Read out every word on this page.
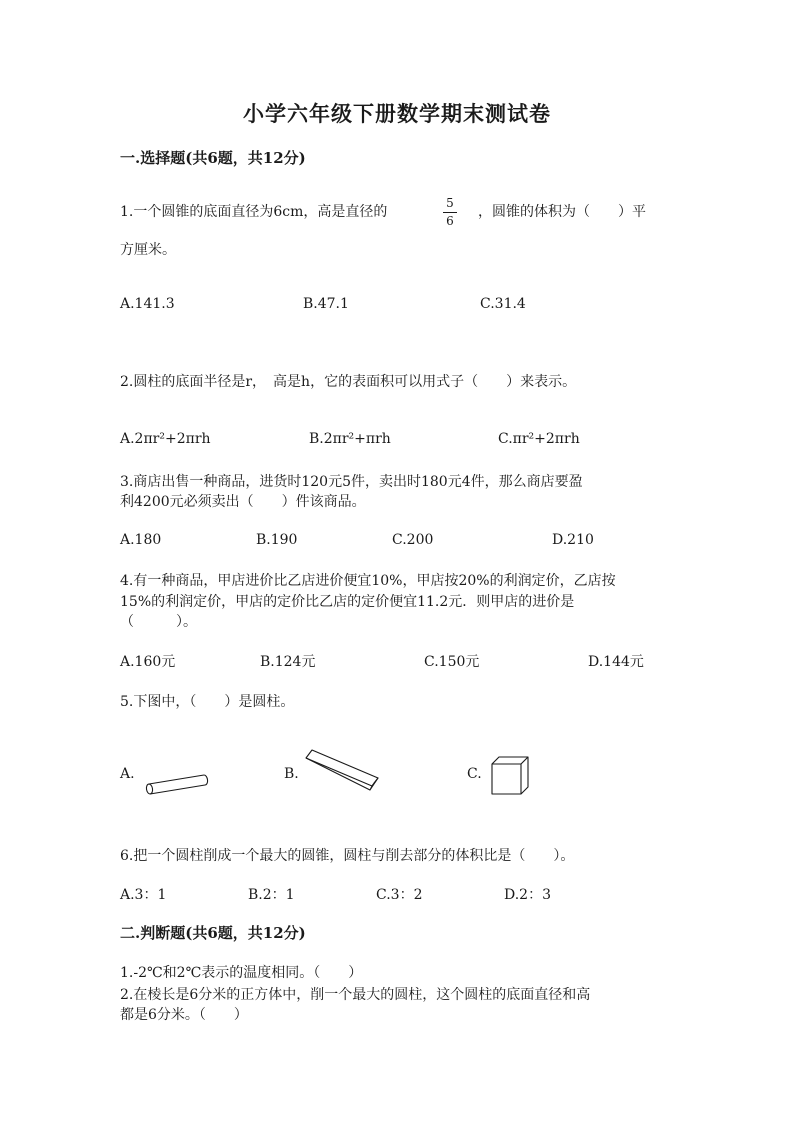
小学六年级下册数学期末测试卷
一.选择题(共6题，共12分)
1.一个圆锥的底面直径为6cm，高是直径的
5
6
，圆锥的体积为（　　）平
方厘米。
A.141.3	B.47.1	C.31.4
2.圆柱的底面半径是r，　高是h，它的表面积可以用式子（　　）来表示。
A.2πr²+2πrh	B.2πr²+πrh	C.πr²+2πrh
3.商店出售一种商品，进货时120元5件，卖出时180元4件，那么商店要盈
利4200元必须卖出（　　）件该商品。
A.180	B.190	C.200	D.210
4.有一种商品，甲店进价比乙店进价便宜10%，甲店按20%的利润定价，乙店按
15%的利润定价，甲店的定价比乙店的定价便宜11.2元．则甲店的进价是
（　　　）。
A.160元	B.124元	C.150元	D.144元
5.下图中，（　　）是圆柱。
A.	B.	C.
6.把一个圆柱削成一个最大的圆锥，圆柱与削去部分的体积比是（　　）。
A.3：1	B.2：1	C.3：2	D.2：3
二.判断题(共6题，共12分)
1.-2℃和2℃表示的温度相同。（　　）
2.在棱长是6分米的正方体中，削一个最大的圆柱，这个圆柱的底面直径和高
都是6分米。（　　）
